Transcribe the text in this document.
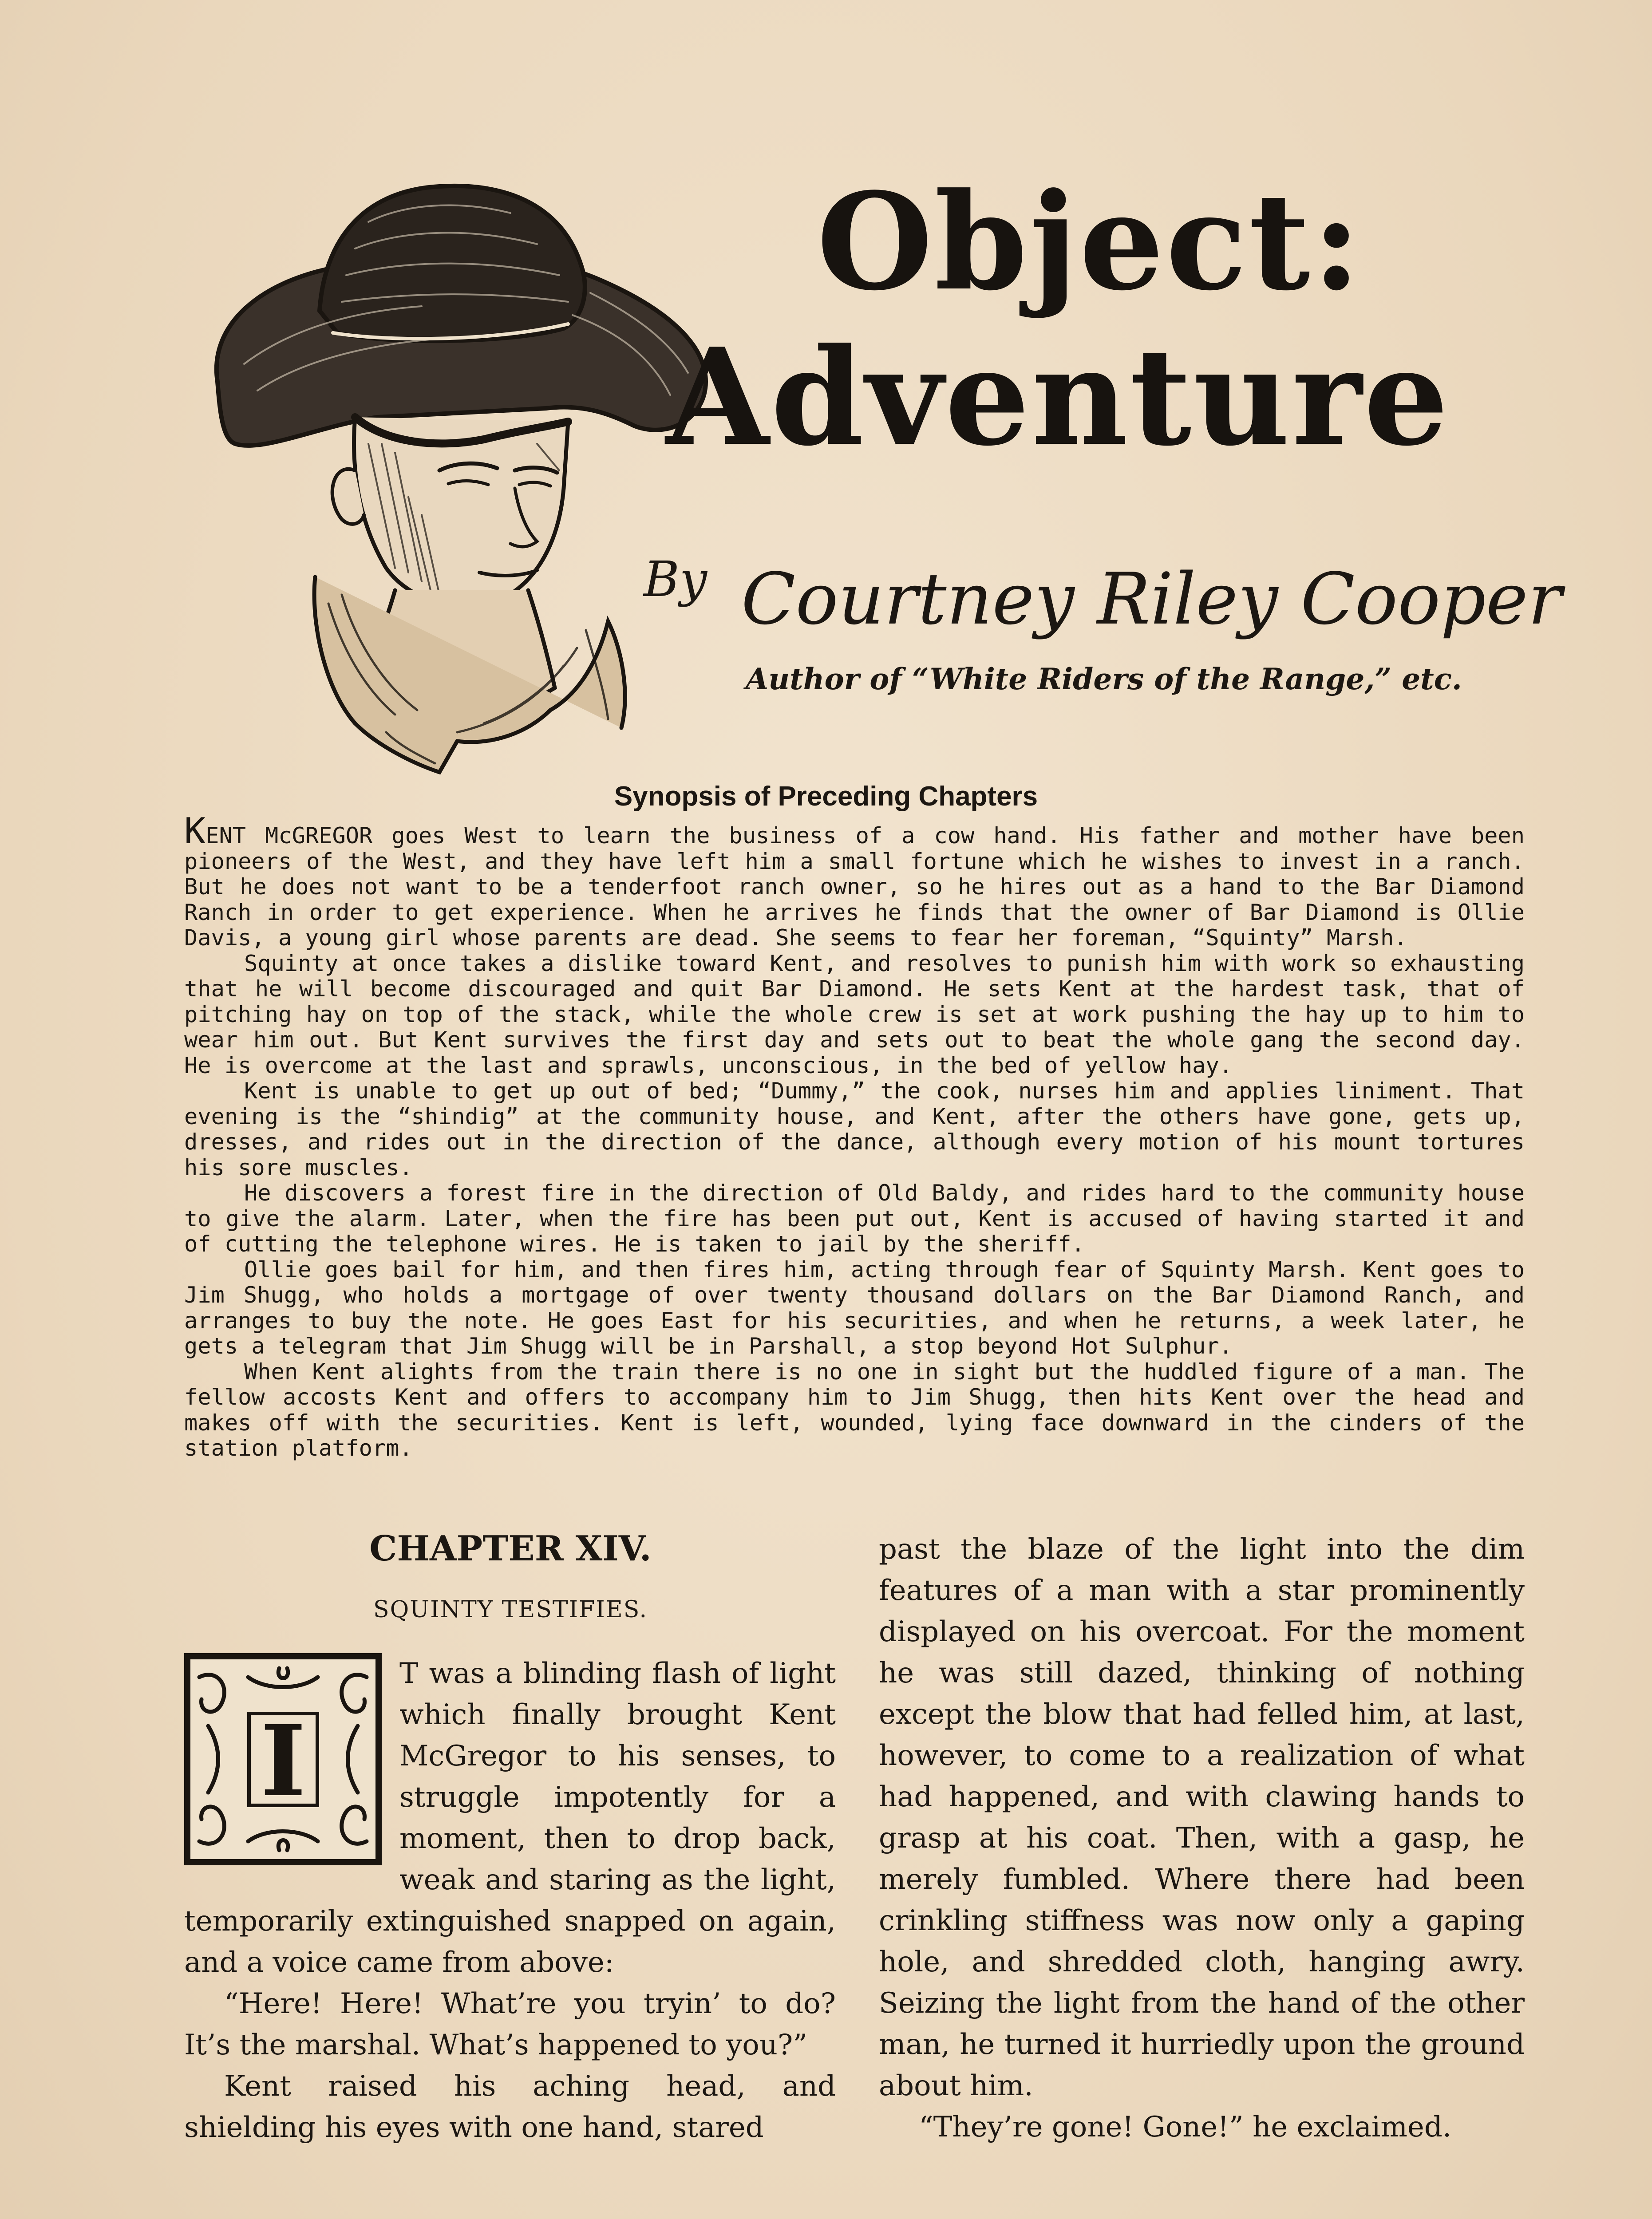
Object:
Adventure
By Courtney Riley Cooper
Author of “White Riders of the Range,” etc.
Synopsis of Preceding Chapters

KENT McGREGOR goes West to learn the business of a cow hand. His father and mother have been pioneers of the West, and they have left him a small fortune which he wishes to invest in a ranch. But he does not want to be a tenderfoot ranch owner, so he hires out as a hand to the Bar Diamond Ranch in order to get experience. When he arrives he finds that the owner of Bar Diamond is Ollie Davis, a young girl whose parents are dead. She seems to fear her foreman, “Squinty” Marsh.

Squinty at once takes a dislike toward Kent, and resolves to punish him with work so exhausting that he will become discouraged and quit Bar Diamond. He sets Kent at the hardest task, that of pitching hay on top of the stack, while the whole crew is set at work pushing the hay up to him to wear him out. But Kent survives the first day and sets out to beat the whole gang the second day. He is overcome at the last and sprawls, unconscious, in the bed of yellow hay.

Kent is unable to get up out of bed; “Dummy,” the cook, nurses him and applies liniment. That evening is the “shindig” at the community house, and Kent, after the others have gone, gets up, dresses, and rides out in the direction of the dance, although every motion of his mount tortures his sore muscles.

He discovers a forest fire in the direction of Old Baldy, and rides hard to the community house to give the alarm. Later, when the fire has been put out, Kent is accused of having started it and of cutting the telephone wires. He is taken to jail by the sheriff.

Ollie goes bail for him, and then fires him, acting through fear of Squinty Marsh. Kent goes to Jim Shugg, who holds a mortgage of over twenty thousand dollars on the Bar Diamond Ranch, and arranges to buy the note. He goes East for his securities, and when he returns, a week later, he gets a telegram that Jim Shugg will be in Parshall, a stop beyond Hot Sulphur.

When Kent alights from the train there is no one in sight but the huddled figure of a man. The fellow accosts Kent and offers to accompany him to Jim Shugg, then hits Kent over the head and makes off with the securities. Kent is left, wounded, lying face downward in the cinders of the station platform.

CHAPTER XIV.
SQUINTY TESTIFIES.
I

T was a blinding flash of light which finally brought Kent McGregor to his senses, to struggle impotently for a moment, then to drop back, weak and staring as the light, temporarily extinguished snapped on again, and a voice came from above:

“Here! Here! What’re you tryin’ to do? It’s the marshal. What’s happened to you?”

Kent raised his aching head, and shielding his eyes with one hand, stared

past the blaze of the light into the dim features of a man with a star prominently displayed on his overcoat. For the moment he was still dazed, thinking of nothing except the blow that had felled him, at last, however, to come to a realization of what had happened, and with clawing hands to grasp at his coat. Then, with a gasp, he merely fumbled. Where there had been crinkling stiffness was now only a gaping hole, and shredded cloth, hanging awry. Seizing the light from the hand of the other man, he turned it hurriedly upon the ground about him.

“They’re gone! Gone!” he exclaimed.
